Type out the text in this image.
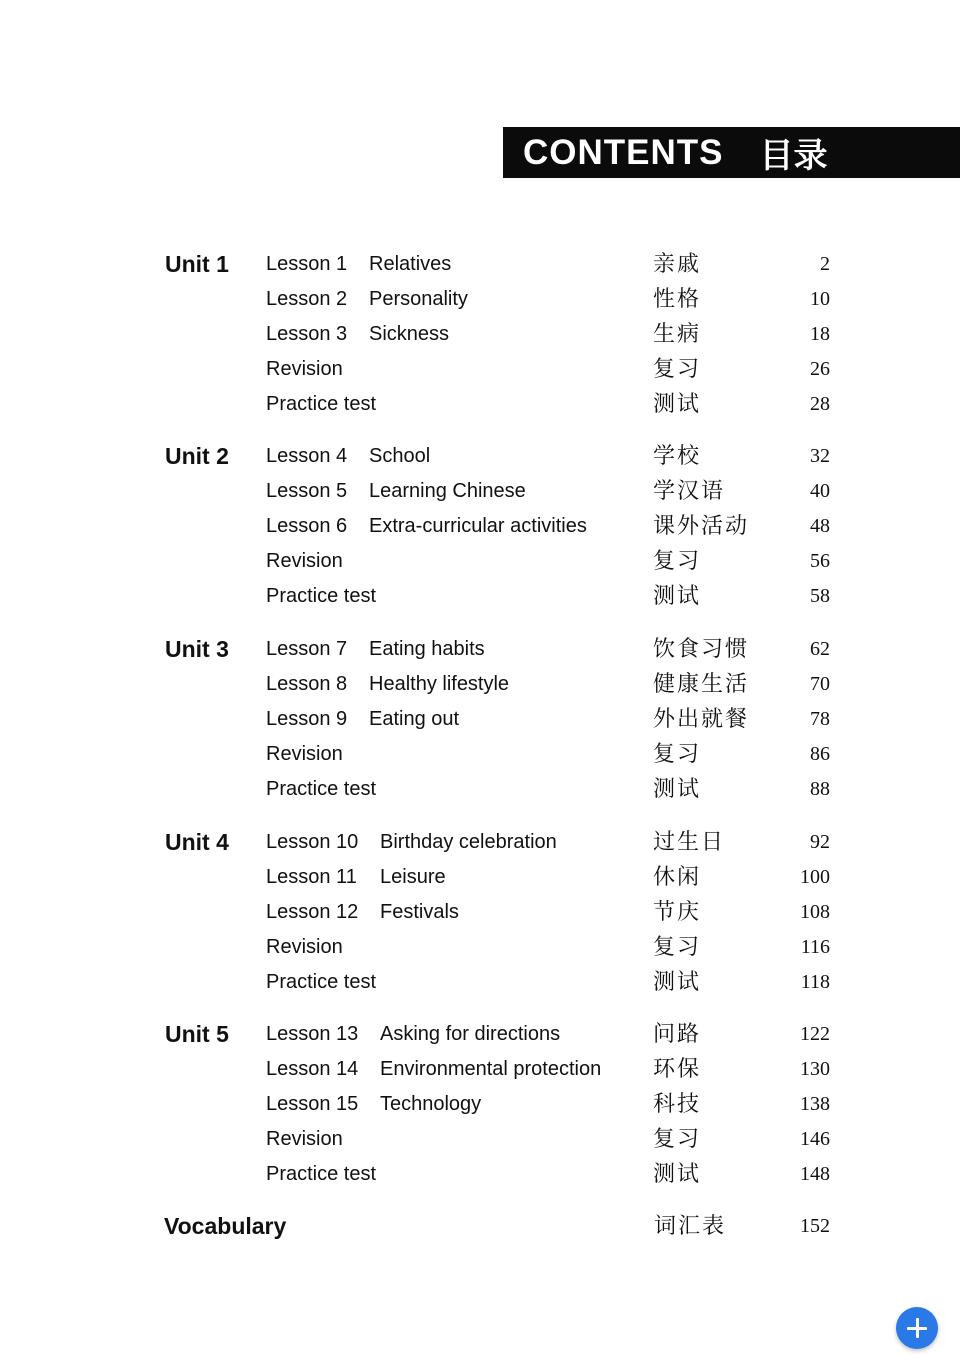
CONTENTS 目录
Unit 1 Lesson 1 Relatives	亲戚	2
Lesson 2 Personality	性格	10
Lesson 3 Sickness	生病	18
Revision	复习	26
Practice test	测试	28
Unit 2 Lesson 4 School	学校	32
Lesson 5 Learning Chinese	学汉语	40
Lesson 6 Extra-curricular activities	课外活动	48
Revision	复习	56
Practice test	测试	58
Unit 3 Lesson 7 Eating habits	饮食习惯	62
Lesson 8 Healthy lifestyle	健康生活	70
Lesson 9 Eating out	外出就餐	78
Revision	复习	86
Practice test	测试	88
Unit 4 Lesson 10 Birthday celebration	过生日	92
Lesson 11 Leisure	休闲	100
Lesson 12 Festivals	节庆	108
Revision	复习	116
Practice test	测试	118
Unit 5 Lesson 13 Asking for directions	问路	122
Lesson 14 Environmental protection 环保	130
Lesson 15 Technology	科技	138
Revision	复习	146
Practice test	测试	148
Vocabulary	词汇表	152
